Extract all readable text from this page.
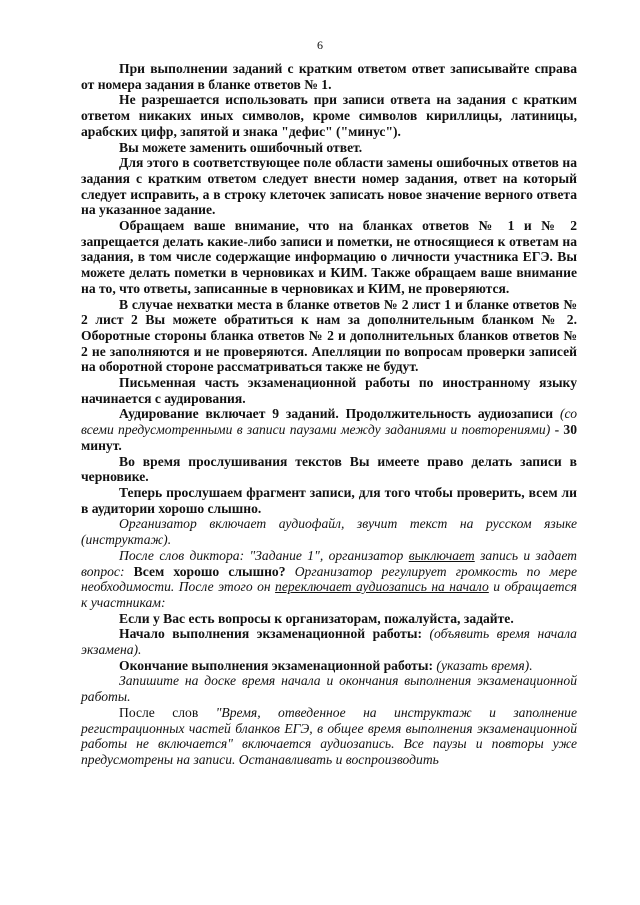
6

При выполнении заданий с кратким ответом ответ записывайте справа от номера задания в бланке ответов № 1.

Не разрешается использовать при записи ответа на задания с кратким ответом никаких иных символов, кроме символов кириллицы, латиницы, арабских цифр, запятой и знака "дефис" ("минус").

Вы можете заменить ошибочный ответ.

Для этого в соответствующее поле области замены ошибочных ответов на задания с кратким ответом следует внести номер задания, ответ на который следует исправить, а в строку клеточек записать новое значение верного ответа на указанное задание.

Обращаем ваше внимание, что на бланках ответов № 1 и № 2 запрещается делать какие-либо записи и пометки, не относящиеся к ответам на задания, в том числе содержащие информацию о личности участника ЕГЭ. Вы можете делать пометки в черновиках и КИМ. Также обращаем ваше внимание на то, что ответы, записанные в черновиках и КИМ, не проверяются.

В случае нехватки места в бланке ответов № 2 лист 1 и бланке ответов № 2 лист 2 Вы можете обратиться к нам за дополнительным бланком № 2. Оборотные стороны бланка ответов № 2 и дополнительных бланков ответов № 2 не заполняются и не проверяются. Апелляции по вопросам проверки записей на оборотной стороне рассматриваться также не будут.

Письменная часть экзаменационной работы по иностранному языку начинается с аудирования.

Аудирование включает 9 заданий. Продолжительность аудиозаписи (со всеми предусмотренными в записи паузами между заданиями и повторениями) - 30 минут.

Во время прослушивания текстов Вы имеете право делать записи в черновике.

Теперь прослушаем фрагмент записи, для того чтобы проверить, всем ли в аудитории хорошо слышно.

Организатор включает аудиофайл, звучит текст на русском языке (инструктаж).

После слов диктора: "Задание 1", организатор выключает запись и задает вопрос: Всем хорошо слышно? Организатор регулирует громкость по мере необходимости. После этого он переключает аудиозапись на начало и обращается к участникам:

Если у Вас есть вопросы к организаторам, пожалуйста, задайте.

Начало выполнения экзаменационной работы: (объявить время начала экзамена).

Окончание выполнения экзаменационной работы: (указать время).

Запишите на доске время начала и окончания выполнения экзаменационной работы.

После слов "Время, отведенное на инструктаж и заполнение регистрационных частей бланков ЕГЭ, в общее время выполнения экзаменационной работы не включается" включается аудиозапись. Все паузы и повторы уже предусмотрены на записи. Останавливать и воспроизводить
